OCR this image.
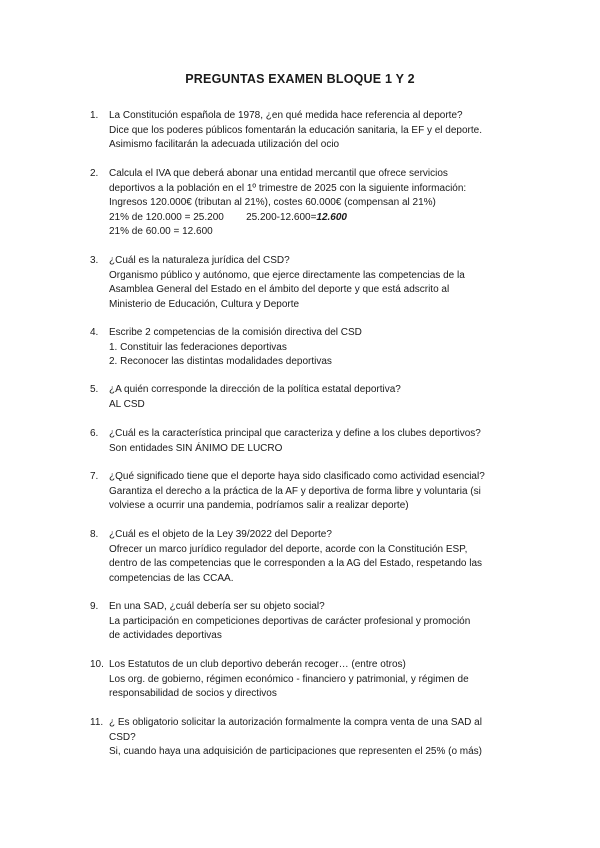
PREGUNTAS EXAMEN BLOQUE 1 Y 2
1.	La Constitución española de 1978, ¿en qué medida hace referencia al deporte?
Dice que los poderes públicos fomentarán la educación sanitaria, la EF y el deporte.
Asimismo facilitarán la adecuada utilización del ocio
2.	Calcula el IVA que deberá abonar una entidad mercantil que ofrece servicios
deportivos a la población en el 1º trimestre de 2025 con la siguiente información:
Ingresos 120.000€ (tributan al 21%), costes 60.000€ (compensan al 21%)
21% de 120.000 = 25.200 25.200-12.600=12.600
21% de 60.00 = 12.600
3.	¿Cuál es la naturaleza jurídica del CSD?
Organismo público y autónomo, que ejerce directamente las competencias de la
Asamblea General del Estado en el ámbito del deporte y que está adscrito al
Ministerio de Educación, Cultura y Deporte
4.	Escribe 2 competencias de la comisión directiva del CSD
1. Constituir las federaciones deportivas
2. Reconocer las distintas modalidades deportivas
5.	¿A quién corresponde la dirección de la política estatal deportiva?
AL CSD
6.	¿Cuál es la característica principal que caracteriza y define a los clubes deportivos?
Son entidades SIN ÁNIMO DE LUCRO
7.	¿Qué significado tiene que el deporte haya sido clasificado como actividad esencial?
Garantiza el derecho a la práctica de la AF y deportiva de forma libre y voluntaria (si
volviese a ocurrir una pandemia, podríamos salir a realizar deporte)
8.	¿Cuál es el objeto de la Ley 39/2022 del Deporte?
Ofrecer un marco jurídico regulador del deporte, acorde con la Constitución ESP,
dentro de las competencias que le corresponden a la AG del Estado, respetando las
competencias de las CCAA.
9.	En una SAD, ¿cuál debería ser su objeto social?
La participación en competiciones deportivas de carácter profesional y promoción
de actividades deportivas
10. Los Estatutos de un club deportivo deberán recoger… (entre otros)
Los org. de gobierno, régimen económico - financiero y patrimonial, y régimen de
responsabilidad de socios y directivos
11. ¿ Es obligatorio solicitar la autorización formalmente la compra venta de una SAD al
CSD?
Si, cuando haya una adquisición de participaciones que representen el 25% (o más)
